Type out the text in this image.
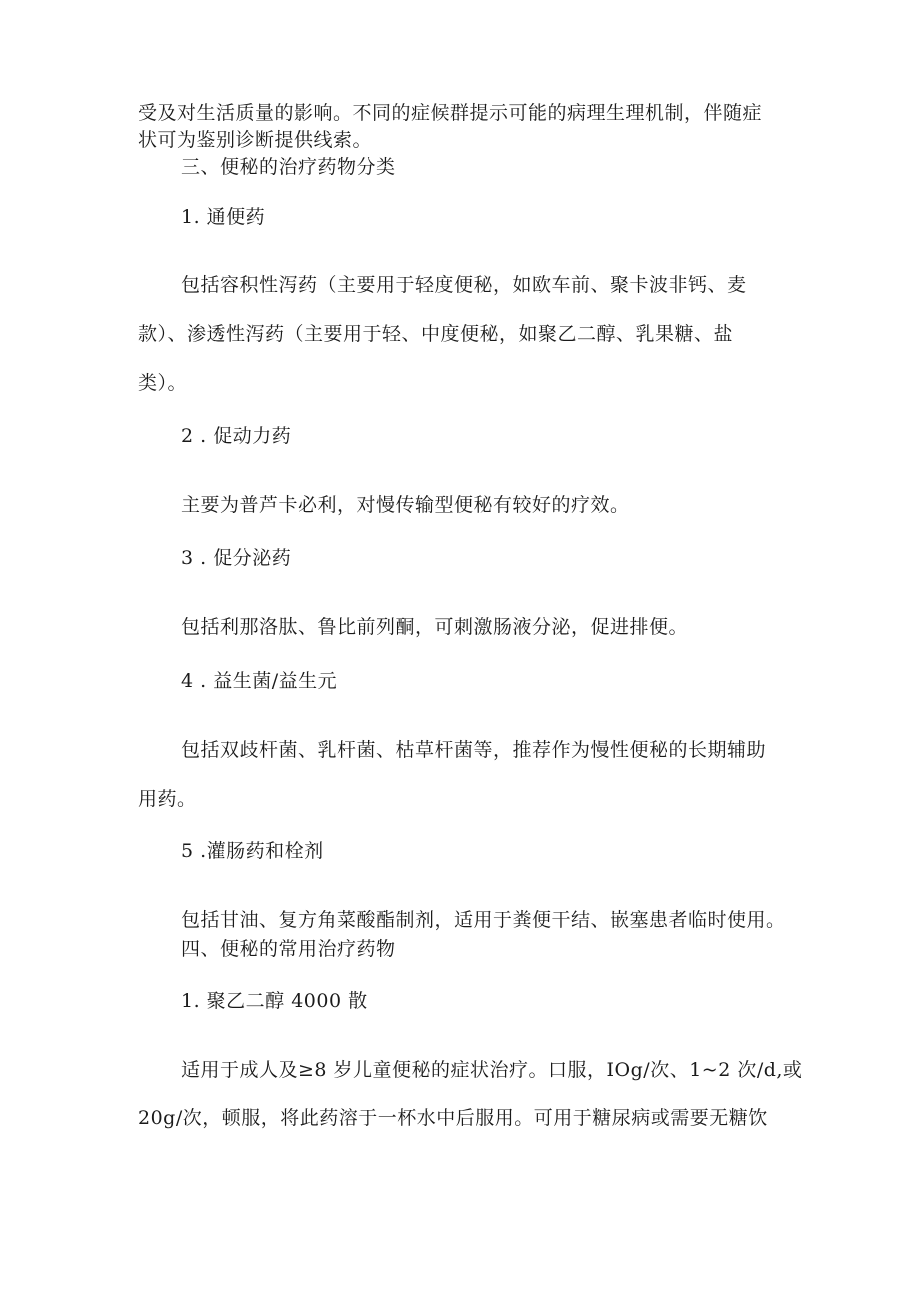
受及对生活质量的影响。不同的症候群提示可能的病理生理机制，伴随症
状可为鉴别诊断提供线索。
三、便秘的治疗药物分类
1. 通便药
包括容积性泻药（主要用于轻度便秘，如欧车前、聚卡波非钙、麦
款）、渗透性泻药（主要用于轻、中度便秘，如聚乙二醇、乳果糖、盐
类）。
2 . 促动力药
主要为普芦卡必利，对慢传输型便秘有较好的疗效。
3 . 促分泌药
包括利那洛肽、鲁比前列酮，可刺激肠液分泌，促进排便。
4 . 益生菌/益生元
包括双歧杆菌、乳杆菌、枯草杆菌等，推荐作为慢性便秘的长期辅助
用药。
5 .灌肠药和栓剂
包括甘油、复方角菜酸酯制剂，适用于粪便干结、嵌塞患者临时使用。
四、便秘的常用治疗药物
1. 聚乙二醇 4000 散
适用于成人及≥8 岁儿童便秘的症状治疗。口服，IOg/次、1~2 次/d,或
20g/次，顿服，将此药溶于一杯水中后服用。可用于糖尿病或需要无糖饮
